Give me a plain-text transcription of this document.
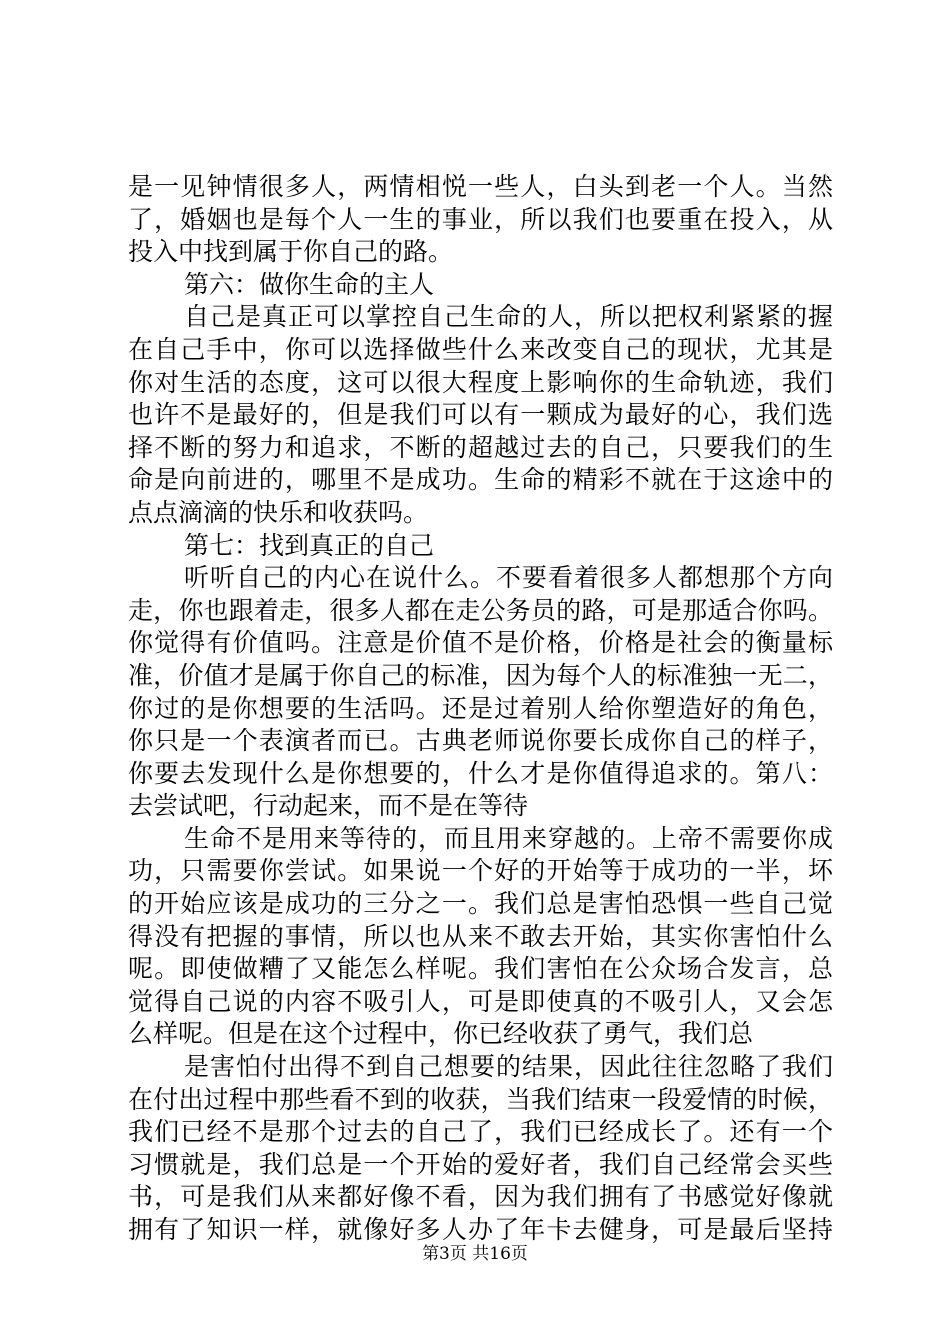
是一见钟情很多人，两情相悦一些人，白头到老一个人。当然
了，婚姻也是每个人一生的事业，所以我们也要重在投入，从
投入中找到属于你自己的路。
第六：做你生命的主人
自己是真正可以掌控自己生命的人，所以把权利紧紧的握
在自己手中，你可以选择做些什么来改变自己的现状，尤其是
你对生活的态度，这可以很大程度上影响你的生命轨迹，我们
也许不是最好的，但是我们可以有一颗成为最好的心，我们选
择不断的努力和追求，不断的超越过去的自己，只要我们的生
命是向前进的，哪里不是成功。生命的精彩不就在于这途中的
点点滴滴的快乐和收获吗。
第七：找到真正的自己
听听自己的内心在说什么。不要看着很多人都想那个方向
走，你也跟着走，很多人都在走公务员的路，可是那适合你吗。
你觉得有价值吗。注意是价值不是价格，价格是社会的衡量标
准，价值才是属于你自己的标准，因为每个人的标准独一无二，
你过的是你想要的生活吗。还是过着别人给你塑造好的角色，
你只是一个表演者而已。古典老师说你要长成你自己的样子，
你要去发现什么是你想要的，什么才是你值得追求的。第八：
去尝试吧，行动起来，而不是在等待
生命不是用来等待的，而且用来穿越的。上帝不需要你成
功，只需要你尝试。如果说一个好的开始等于成功的一半，坏
的开始应该是成功的三分之一。我们总是害怕恐惧一些自己觉
得没有把握的事情，所以也从来不敢去开始，其实你害怕什么
呢。即使做糟了又能怎么样呢。我们害怕在公众场合发言，总
觉得自己说的内容不吸引人，可是即使真的不吸引人，又会怎
么样呢。但是在这个过程中，你已经收获了勇气，我们总
是害怕付出得不到自己想要的结果，因此往往忽略了我们
在付出过程中那些看不到的收获，当我们结束一段爱情的时候，
我们已经不是那个过去的自己了，我们已经成长了。还有一个
习惯就是，我们总是一个开始的爱好者，我们自己经常会买些
书，可是我们从来都好像不看，因为我们拥有了书感觉好像就
拥有了知识一样，就像好多人办了年卡去健身，可是最后坚持
第3页 共16页
